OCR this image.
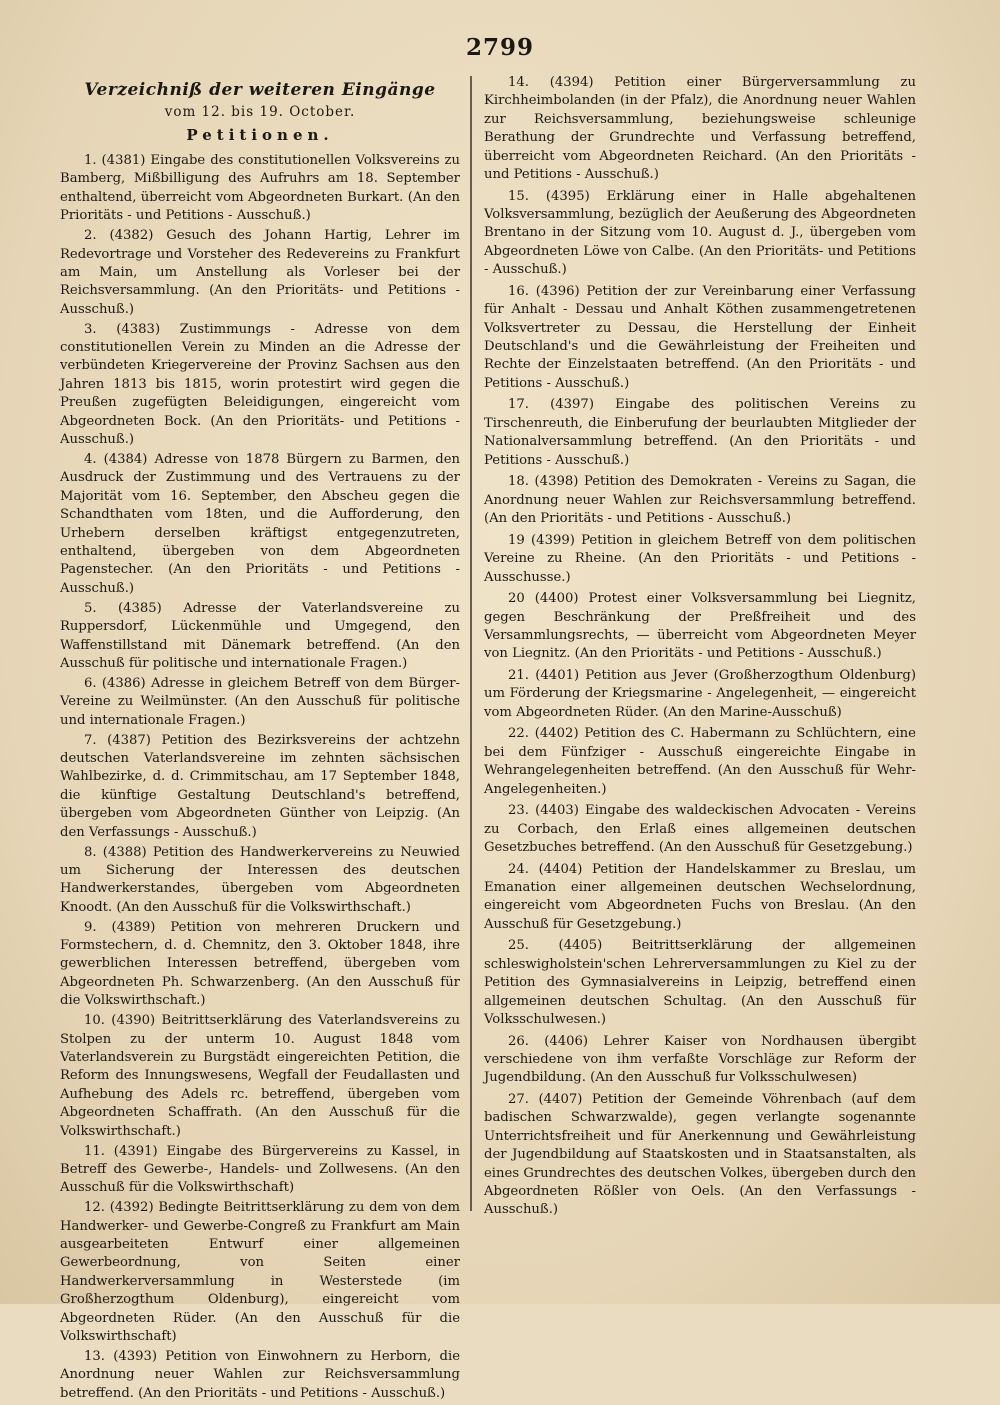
2799
Verzeichniß der weiteren Eingänge
vom 12. bis 19. October.
Petitionen.

1. (4381) Eingabe des constitutionellen Volksvereins zu Bamberg, Mißbilligung des Aufruhrs am 18. September enthaltend, überreicht vom Abgeordneten Burkart. (An den Prioritäts - und Petitions - Ausschuß.)

2. (4382) Gesuch des Johann Hartig, Lehrer im Redevortrage und Vorsteher des Redevereins zu Frankfurt am Main, um Anstellung als Vorleser bei der Reichsversammlung. (An den Prioritäts- und Petitions - Ausschuß.)

3. (4383) Zustimmungs - Adresse von dem constitutionellen Verein zu Minden an die Adresse der verbündeten Kriegervereine der Provinz Sachsen aus den Jahren 1813 bis 1815, worin protestirt wird gegen die Preußen zugefügten Beleidigungen, eingereicht vom Abgeordneten Bock. (An den Prioritäts- und Petitions - Ausschuß.)

4. (4384) Adresse von 1878 Bürgern zu Barmen, den Ausdruck der Zustimmung und des Vertrauens zu der Majorität vom 16. September, den Abscheu gegen die Schandthaten vom 18ten, und die Aufforderung, den Urhebern derselben kräftigst entgegenzutreten, enthaltend, übergeben von dem Abgeordneten Pagenstecher. (An den Prioritäts - und Petitions - Ausschuß.)

5. (4385) Adresse der Vaterlandsvereine zu Ruppersdorf, Lückenmühle und Umgegend, den Waffenstillstand mit Dänemark betreffend. (An den Ausschuß für politische und internationale Fragen.)

6. (4386) Adresse in gleichem Betreff von dem Bürger-Vereine zu Weilmünster. (An den Ausschuß für politische und internationale Fragen.)

7. (4387) Petition des Bezirksvereins der achtzehn deutschen Vaterlandsvereine im zehnten sächsischen Wahlbezirke, d. d. Crimmitschau, am 17 September 1848, die künftige Gestaltung Deutschland's betreffend, übergeben vom Abgeordneten Günther von Leipzig. (An den Verfassungs - Ausschuß.)

8. (4388) Petition des Handwerkervereins zu Neuwied um Sicherung der Interessen des deutschen Handwerkerstandes, übergeben vom Abgeordneten Knoodt. (An den Ausschuß für die Volkswirthschaft.)

9. (4389) Petition von mehreren Druckern und Formstechern, d. d. Chemnitz, den 3. Oktober 1848, ihre gewerblichen Interessen betreffend, übergeben vom Abgeordneten Ph. Schwarzenberg. (An den Ausschuß für die Volkswirthschaft.)

10. (4390) Beitrittserklärung des Vaterlandsvereins zu Stolpen zu der unterm 10. August 1848 vom Vaterlandsverein zu Burgstädt eingereichten Petition, die Reform des Innungswesens, Wegfall der Feudallasten und Aufhebung des Adels rc. betreffend, übergeben vom Abgeordneten Schaffrath. (An den Ausschuß für die Volkswirthschaft.)

11. (4391) Eingabe des Bürgervereins zu Kassel, in Betreff des Gewerbe-, Handels- und Zollwesens. (An den Ausschuß für die Volkswirthschaft)

12. (4392) Bedingte Beitrittserklärung zu dem von dem Handwerker- und Gewerbe-Congreß zu Frankfurt am Main ausgearbeiteten Entwurf einer allgemeinen Gewerbeordnung, von Seiten einer Handwerkerversammlung in Westerstede (im Großherzogthum Oldenburg), eingereicht vom Abgeordneten Rüder. (An den Ausschuß für die Volkswirthschaft)

13. (4393) Petition von Einwohnern zu Herborn, die Anordnung neuer Wahlen zur Reichsversammlung betreffend. (An den Prioritäts - und Petitions - Ausschuß.)

14. (4394) Petition einer Bürgerversammlung zu Kirchheimbolanden (in der Pfalz), die Anordnung neuer Wahlen zur Reichsversammlung, beziehungsweise schleunige Berathung der Grundrechte und Verfassung betreffend, überreicht vom Abgeordneten Reichard. (An den Prioritäts - und Petitions - Ausschuß.)

15. (4395) Erklärung einer in Halle abgehaltenen Volksversammlung, bezüglich der Aeußerung des Abgeordneten Brentano in der Sitzung vom 10. August d. J., übergeben vom Abgeordneten Löwe von Calbe. (An den Prioritäts- und Petitions - Ausschuß.)

16. (4396) Petition der zur Vereinbarung einer Verfassung für Anhalt - Dessau und Anhalt Köthen zusammengetretenen Volksvertreter zu Dessau, die Herstellung der Einheit Deutschland's und die Gewährleistung der Freiheiten und Rechte der Einzelstaaten betreffend. (An den Prioritäts - und Petitions - Ausschuß.)

17. (4397) Eingabe des politischen Vereins zu Tirschenreuth, die Einberufung der beurlaubten Mitglieder der Nationalversammlung betreffend. (An den Prioritäts - und Petitions - Ausschuß.)

18. (4398) Petition des Demokraten - Vereins zu Sagan, die Anordnung neuer Wahlen zur Reichsversammlung betreffend. (An den Prioritäts - und Petitions - Ausschuß.)

19 (4399) Petition in gleichem Betreff von dem politischen Vereine zu Rheine. (An den Prioritäts - und Petitions - Ausschusse.)

20 (4400) Protest einer Volksversammlung bei Liegnitz, gegen Beschränkung der Preßfreiheit und des Versammlungsrechts, — überreicht vom Abgeordneten Meyer von Liegnitz. (An den Prioritäts - und Petitions - Ausschuß.)

21. (4401) Petition aus Jever (Großherzogthum Oldenburg) um Förderung der Kriegsmarine - Angelegenheit, — eingereicht vom Abgeordneten Rüder. (An den Marine-Ausschuß)

22. (4402) Petition des C. Habermann zu Schlüchtern, eine bei dem Fünfziger - Ausschuß eingereichte Eingabe in Wehrangelegenheiten betreffend. (An den Ausschuß für Wehr-Angelegenheiten.)

23. (4403) Eingabe des waldeckischen Advocaten - Vereins zu Corbach, den Erlaß eines allgemeinen deutschen Gesetzbuches betreffend. (An den Ausschuß für Gesetzgebung.)

24. (4404) Petition der Handelskammer zu Breslau, um Emanation einer allgemeinen deutschen Wechselordnung, eingereicht vom Abgeordneten Fuchs von Breslau. (An den Ausschuß für Gesetzgebung.)

25. (4405) Beitrittserklärung der allgemeinen schleswigholstein'schen Lehrerversammlungen zu Kiel zu der Petition des Gymnasialvereins in Leipzig, betreffend einen allgemeinen deutschen Schultag. (An den Ausschuß für Volksschulwesen.)

26. (4406) Lehrer Kaiser von Nordhausen übergibt verschiedene von ihm verfaßte Vorschläge zur Reform der Jugendbildung. (An den Ausschuß fur Volksschulwesen)

27. (4407) Petition der Gemeinde Vöhrenbach (auf dem badischen Schwarzwalde), gegen verlangte sogenannte Unterrichtsfreiheit und für Anerkennung und Gewährleistung der Jugendbildung auf Staatskosten und in Staatsanstalten, als eines Grundrechtes des deutschen Volkes, übergeben durch den Abgeordneten Rößler von Oels. (An den Verfassungs - Ausschuß.)
